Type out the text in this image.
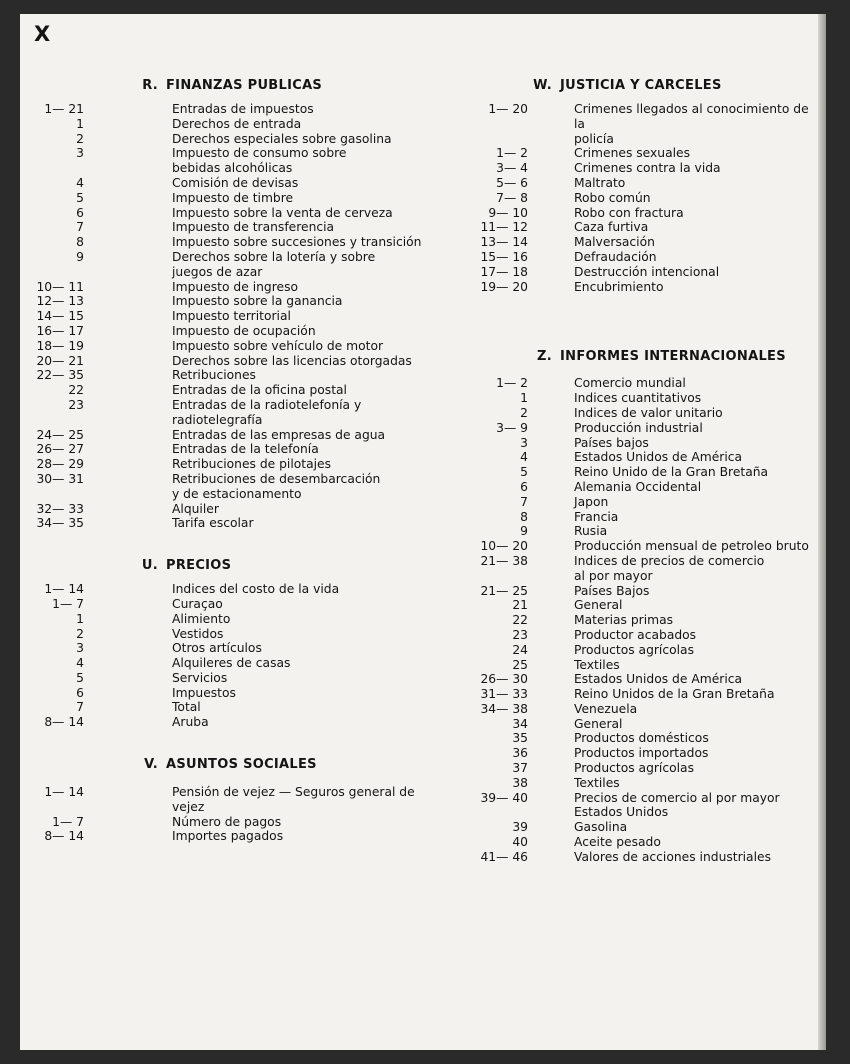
X
R. FINANZAS PUBLICAS
1— 21	Entradas de impuestos
1	Derechos de entrada
2	Derechos especiales sobre gasolina
3	Impuesto de consumo sobre
bebidas alcohólicas
4	Comisión de devisas
5	Impuesto de timbre
6	Impuesto sobre la venta de cerveza
7	Impuesto de transferencia
8	Impuesto sobre succesiones y transición
9	Derechos sobre la lotería y sobre
juegos de azar
10— 11	Impuesto de ingreso
12— 13	Impuesto sobre la ganancia
14— 15	Impuesto territorial
16— 17	Impuesto de ocupación
18— 19	Impuesto sobre vehículo de motor
20— 21	Derechos sobre las licencias otorgadas
22— 35	Retribuciones
22	Entradas de la oficina postal
23	Entradas de la radiotelefonía y
radiotelegrafía
24— 25	Entradas de las empresas de agua
26— 27	Entradas de la telefonía
28— 29	Retribuciones de pilotajes
30— 31	Retribuciones de desembarcación
y de estacionamento
32— 33	Alquiler
34— 35	Tarifa escolar
U. PRECIOS
1— 14	Indices del costo de la vida
1— 7	Curaçao
1	Alimiento
2	Vestidos
3	Otros artículos
4	Alquileres de casas
5	Servicios
6	Impuestos
7	Total
8— 14	Aruba
V. ASUNTOS SOCIALES
1— 14	Pensión de vejez — Seguros general de
vejez
1— 7	Número de pagos
8— 14	Importes pagados
W. JUSTICIA Y CARCELES
1— 20	Crimenes llegados al conocimiento de la
policía
1— 2	Crimenes sexuales
3— 4	Crimenes contra la vida
5— 6	Maltrato
7— 8	Robo común
9— 10	Robo con fractura
11— 12	Caza furtiva
13— 14	Malversación
15— 16	Defraudación
17— 18	Destrucción intencional
19— 20	Encubrimiento
Z. INFORMES INTERNACIONALES
1— 2	Comercio mundial
1	Indices cuantitativos
2	Indices de valor unitario
3— 9	Producción industrial
3	Países bajos
4	Estados Unidos de América
5	Reino Unido de la Gran Bretaña
6	Alemania Occidental
7	Japon
8	Francia
9	Rusia
10— 20	Producción mensual de petroleo bruto
21— 38	Indices de precios de comercio
al por mayor
21— 25	Países Bajos
21	General
22	Materias primas
23	Productor acabados
24	Productos agrícolas
25	Textiles
26— 30	Estados Unidos de América
31— 33	Reino Unidos de la Gran Bretaña
34— 38	Venezuela
34	General
35	Productos domésticos
36	Productos importados
37	Productos agrícolas
38	Textiles
39— 40	Precios de comercio al por mayor
Estados Unidos
39	Gasolina
40	Aceite pesado
41— 46	Valores de acciones industriales
